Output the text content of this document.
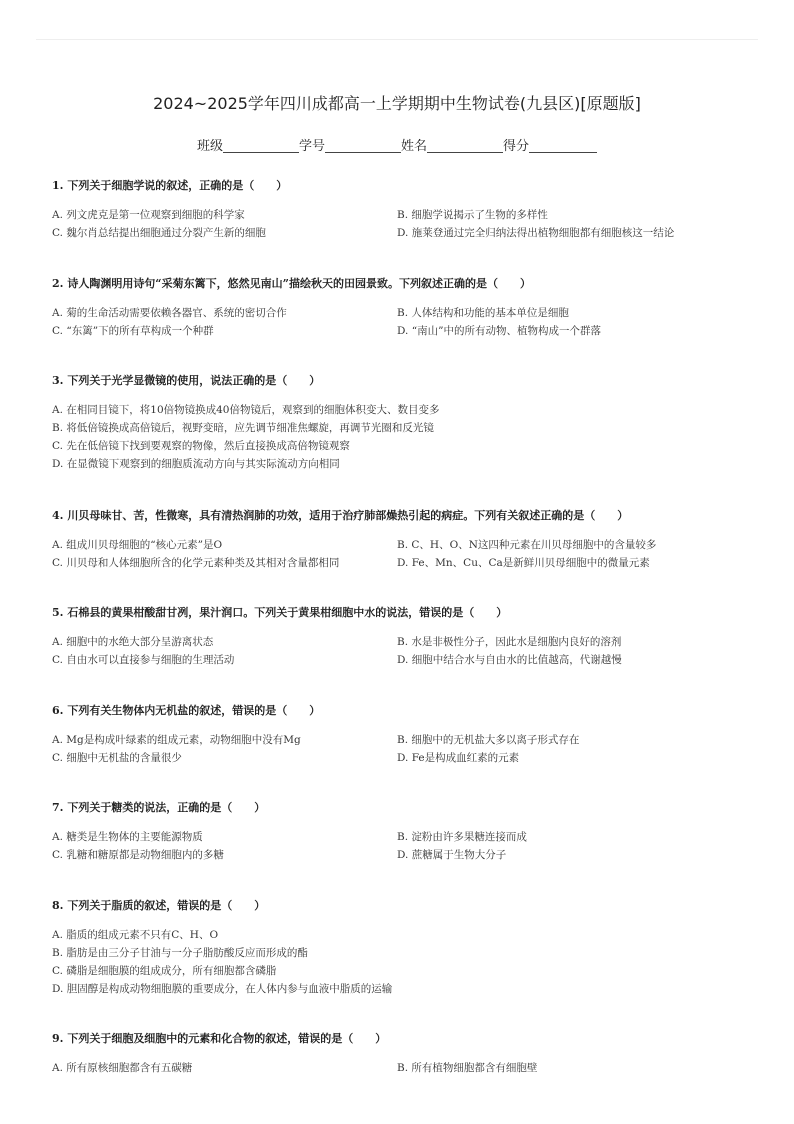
2024~2025学年四川成都高一上学期期中生物试卷(九县区)[原题版]
班级	学号	姓名	得分
1. 下列关于细胞学说的叙述，正确的是（　　）
A. 列文虎克是第一位观察到细胞的科学家	B. 细胞学说揭示了生物的多样性
C. 魏尔肖总结提出细胞通过分裂产生新的细胞	D. 施莱登通过完全归纳法得出植物细胞都有细胞核这一结论
2. 诗人陶渊明用诗句“采菊东篱下，悠然见南山”描绘秋天的田园景致。下列叙述正确的是（　　）
A. 菊的生命活动需要依赖各器官、系统的密切合作	B. 人体结构和功能的基本单位是细胞
C. “东篱”下的所有草构成一个种群	D. “南山”中的所有动物、植物构成一个群落
3. 下列关于光学显微镜的使用，说法正确的是（　　）
A. 在相同目镜下，将10倍物镜换成40倍物镜后，观察到的细胞体积变大、数目变多
B. 将低倍镜换成高倍镜后，视野变暗，应先调节细准焦螺旋，再调节光圈和反光镜
C. 先在低倍镜下找到要观察的物像，然后直接换成高倍物镜观察
D. 在显微镜下观察到的细胞质流动方向与其实际流动方向相同
4. 川贝母味甘、苦，性微寒，具有清热润肺的功效，适用于治疗肺部燥热引起的病症。下列有关叙述正确的是（　　）
A. 组成川贝母细胞的“核心元素”是O	B. C、H、O、N这四种元素在川贝母细胞中的含量较多
C. 川贝母和人体细胞所含的化学元素种类及其相对含量都相同	D. Fe、Mn、Cu、Ca是新鲜川贝母细胞中的微量元素
5. 石棉县的黄果柑酸甜甘冽，果汁润口。下列关于黄果柑细胞中水的说法，错误的是（　　）
A. 细胞中的水绝大部分呈游离状态	B. 水是非极性分子，因此水是细胞内良好的溶剂
C. 自由水可以直接参与细胞的生理活动	D. 细胞中结合水与自由水的比值越高，代谢越慢
6. 下列有关生物体内无机盐的叙述，错误的是（　　）
A. Mg是构成叶绿素的组成元素，动物细胞中没有Mg	B. 细胞中的无机盐大多以离子形式存在
C. 细胞中无机盐的含量很少	D. Fe是构成血红素的元素
7. 下列关于糖类的说法，正确的是（　　）
A. 糖类是生物体的主要能源物质	B. 淀粉由许多果糖连接而成
C. 乳糖和糖原都是动物细胞内的多糖	D. 蔗糖属于生物大分子
8. 下列关于脂质的叙述，错误的是（　　）
A. 脂质的组成元素不只有C、H、O
B. 脂肪是由三分子甘油与一分子脂肪酸反应而形成的酯
C. 磷脂是细胞膜的组成成分，所有细胞都含磷脂
D. 胆固醇是构成动物细胞膜的重要成分，在人体内参与血液中脂质的运输
9. 下列关于细胞及细胞中的元素和化合物的叙述，错误的是（　　）
A. 所有原核细胞都含有五碳糖	B. 所有植物细胞都含有细胞壁
